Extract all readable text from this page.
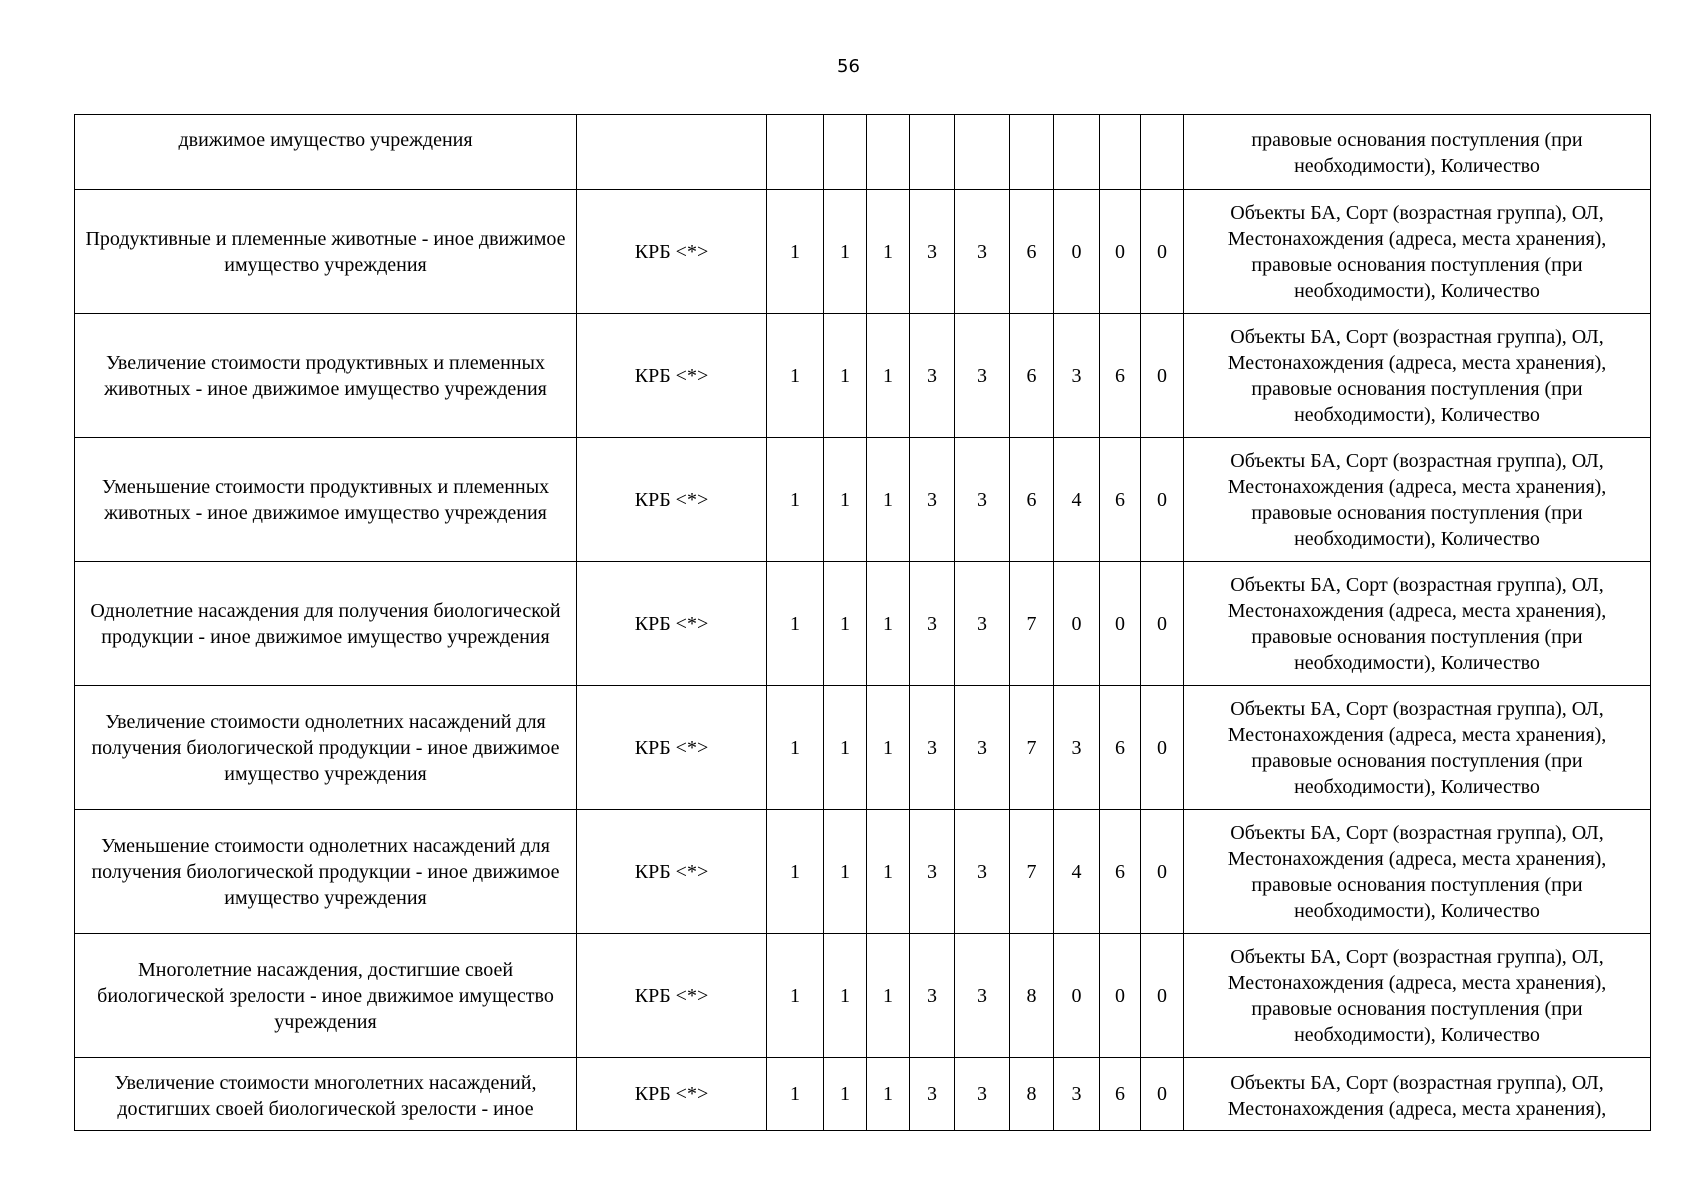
56
движимое имущество учреждения											правовые основания поступления (при необходимости), Количество
Продуктивные и племенные животные - иное движимое имущество учреждения	КРБ <*>	1	1	1	3	3	6	0	0	0	Объекты БА, Сорт (возрастная группа), ОЛ, Местонахождения (адреса, места хранения), правовые основания поступления (при необходимости), Количество
Увеличение стоимости продуктивных и племенных животных - иное движимое имущество учреждения	КРБ <*>	1	1	1	3	3	6	3	6	0	Объекты БА, Сорт (возрастная группа), ОЛ, Местонахождения (адреса, места хранения), правовые основания поступления (при необходимости), Количество
Уменьшение стоимости продуктивных и племенных животных - иное движимое имущество учреждения	КРБ <*>	1	1	1	3	3	6	4	6	0	Объекты БА, Сорт (возрастная группа), ОЛ, Местонахождения (адреса, места хранения), правовые основания поступления (при необходимости), Количество
Однолетние насаждения для получения биологической продукции - иное движимое имущество учреждения	КРБ <*>	1	1	1	3	3	7	0	0	0	Объекты БА, Сорт (возрастная группа), ОЛ, Местонахождения (адреса, места хранения), правовые основания поступления (при необходимости), Количество
Увеличение стоимости однолетних насаждений для получения биологической продукции - иное движимое имущество учреждения	КРБ <*>	1	1	1	3	3	7	3	6	0	Объекты БА, Сорт (возрастная группа), ОЛ, Местонахождения (адреса, места хранения), правовые основания поступления (при необходимости), Количество
Уменьшение стоимости однолетних насаждений для получения биологической продукции - иное движимое имущество учреждения	КРБ <*>	1	1	1	3	3	7	4	6	0	Объекты БА, Сорт (возрастная группа), ОЛ, Местонахождения (адреса, места хранения), правовые основания поступления (при необходимости), Количество
Многолетние насаждения, достигшие своей биологической зрелости - иное движимое имущество учреждения	КРБ <*>	1	1	1	3	3	8	0	0	0	Объекты БА, Сорт (возрастная группа), ОЛ, Местонахождения (адреса, места хранения), правовые основания поступления (при необходимости), Количество
Увеличение стоимости многолетних насаждений, достигших своей биологической зрелости - иное	КРБ <*>	1	1	1	3	3	8	3	6	0	Объекты БА, Сорт (возрастная группа), ОЛ, Местонахождения (адреса, места хранения),
